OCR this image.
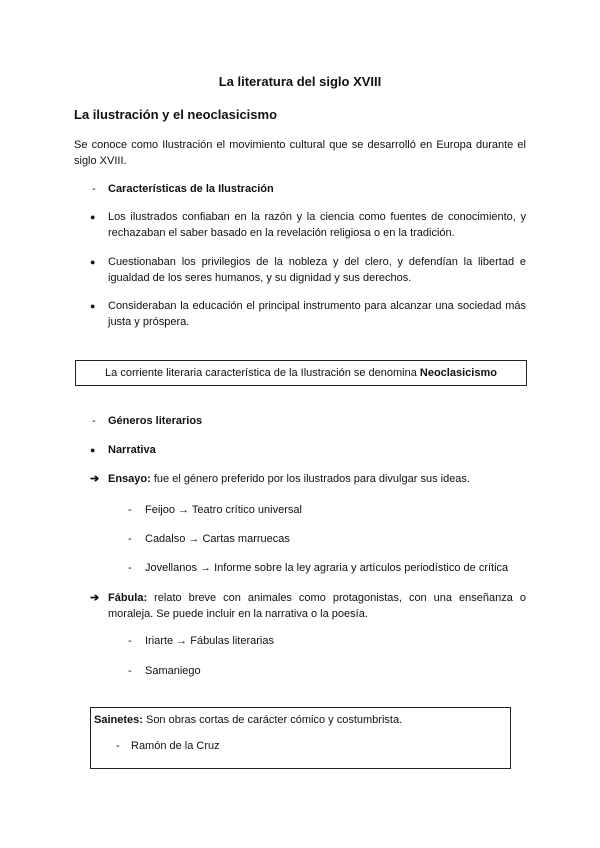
La literatura del siglo XVIII
La ilustración y el neoclasicismo
Se conoce como Ilustración el movimiento cultural que se desarrolló en Europa durante el siglo XVIII.
- Características de la Ilustración
● Los ilustrados confiaban en la razón y la ciencia como fuentes de conocimiento, y rechazaban el saber basado en la revelación religiosa o en la tradición.
● Cuestionaban los privilegios de la nobleza y del clero, y defendían la libertad e igualdad de los seres humanos, y su dignidad y sus derechos.
● Consideraban la educación el principal instrumento para alcanzar una sociedad más justa y próspera.
La corriente literaria característica de la Ilustración se denomina Neoclasicismo
- Géneros literarios
● Narrativa
➔ Ensayo: fue el género preferido por los ilustrados para divulgar sus ideas.
- Feijoo → Teatro crítico universal
- Cadalso → Cartas marruecas
- Jovellanos → Informe sobre la ley agraria y artículos periodístico de crítica
➔ Fábula: relato breve con animales como protagonistas, con una enseñanza o moraleja. Se puede incluir en la narrativa o la poesía.
- Iriarte → Fábulas literarias
- Samaniego
Sainetes: Son obras cortas de carácter cómico y costumbrista.
- Ramón de la Cruz
